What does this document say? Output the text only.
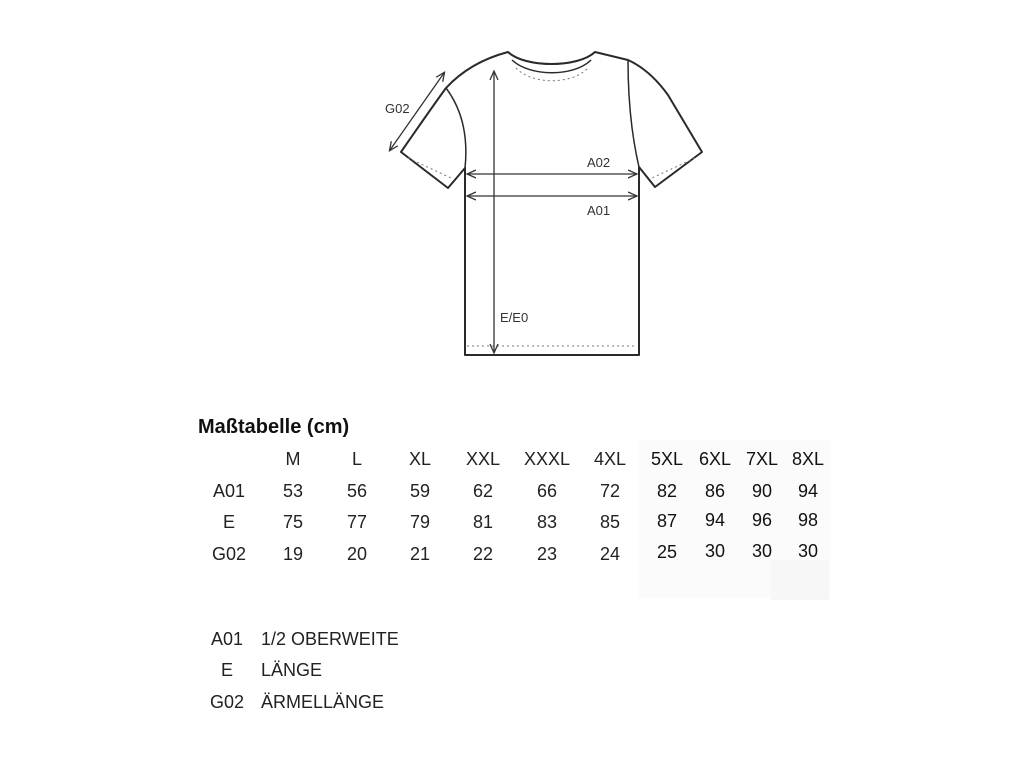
E/E0
A02
A01
G02
Maßtabelle (cm)
M	L	XL XXL XXXL 4XL 5XL 6XL 7XL 8XL
A01 53 56 59 62 66 72 82 86 90 94
E	75 77 79 81 83 85 87 94 96 98
G02 19 20 21 22 23 24 25 30 30 30
A01 1/2 OBERWEITE
E LÄNGE
G02 ÄRMELLÄNGE
